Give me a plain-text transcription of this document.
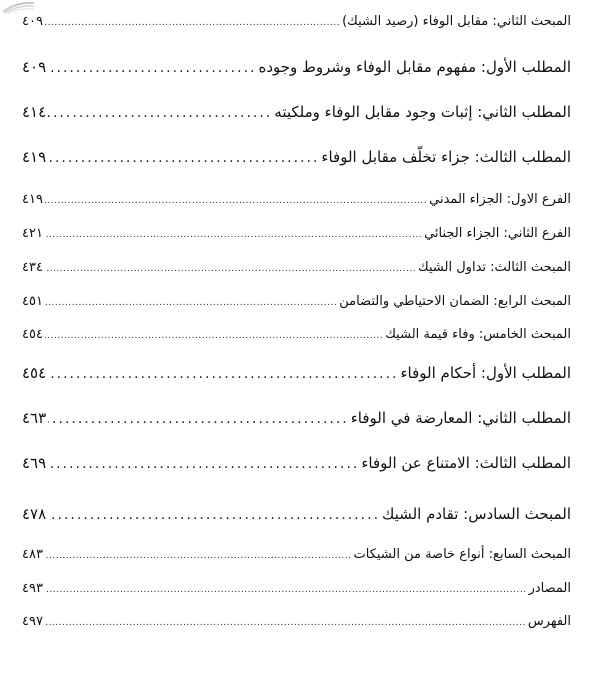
المبحث الثاني: مقابل الوفاء (رصيد الشيك)
.....
٤٠٩
المطلب الأول: مفهوم مقابل الوفاء وشروط وجوده
.....
٤٠٩
المطلب الثاني: إثبات وجود مقابل الوفاء وملكيته
.....
٤١٤
المطلب الثالث: جزاء تخلّف مقابل الوفاء
.....
٤١٩
الفرع الاول: الجزاء المدني
.....
٤١٩
الفرع الثاني: الجزاء الجنائي
.....
٤٢١
المبحث الثالث: تداول الشيك
.....
٤٣٤
المبحث الرابع: الضمان الاحتياطي والتضامن
.....
٤٥١
المبحث الخامس: وفاء قيمة الشيك
.....
٤٥٤
المطلب الأول: أحكام الوفاء
.....
٤٥٤
المطلب الثاني: المعارضة في الوفاء
.....
٤٦٣
المطلب الثالث: الامتناع عن الوفاء
.....
٤٦٩
المبحث السادس: تقادم الشيك
.....
٤٧٨
المبحث السابع: أنواع خاصة من الشيكات
.....
٤٨٣
المصادر
.....
٤٩٣
الفهرس
.....
٤٩٧
